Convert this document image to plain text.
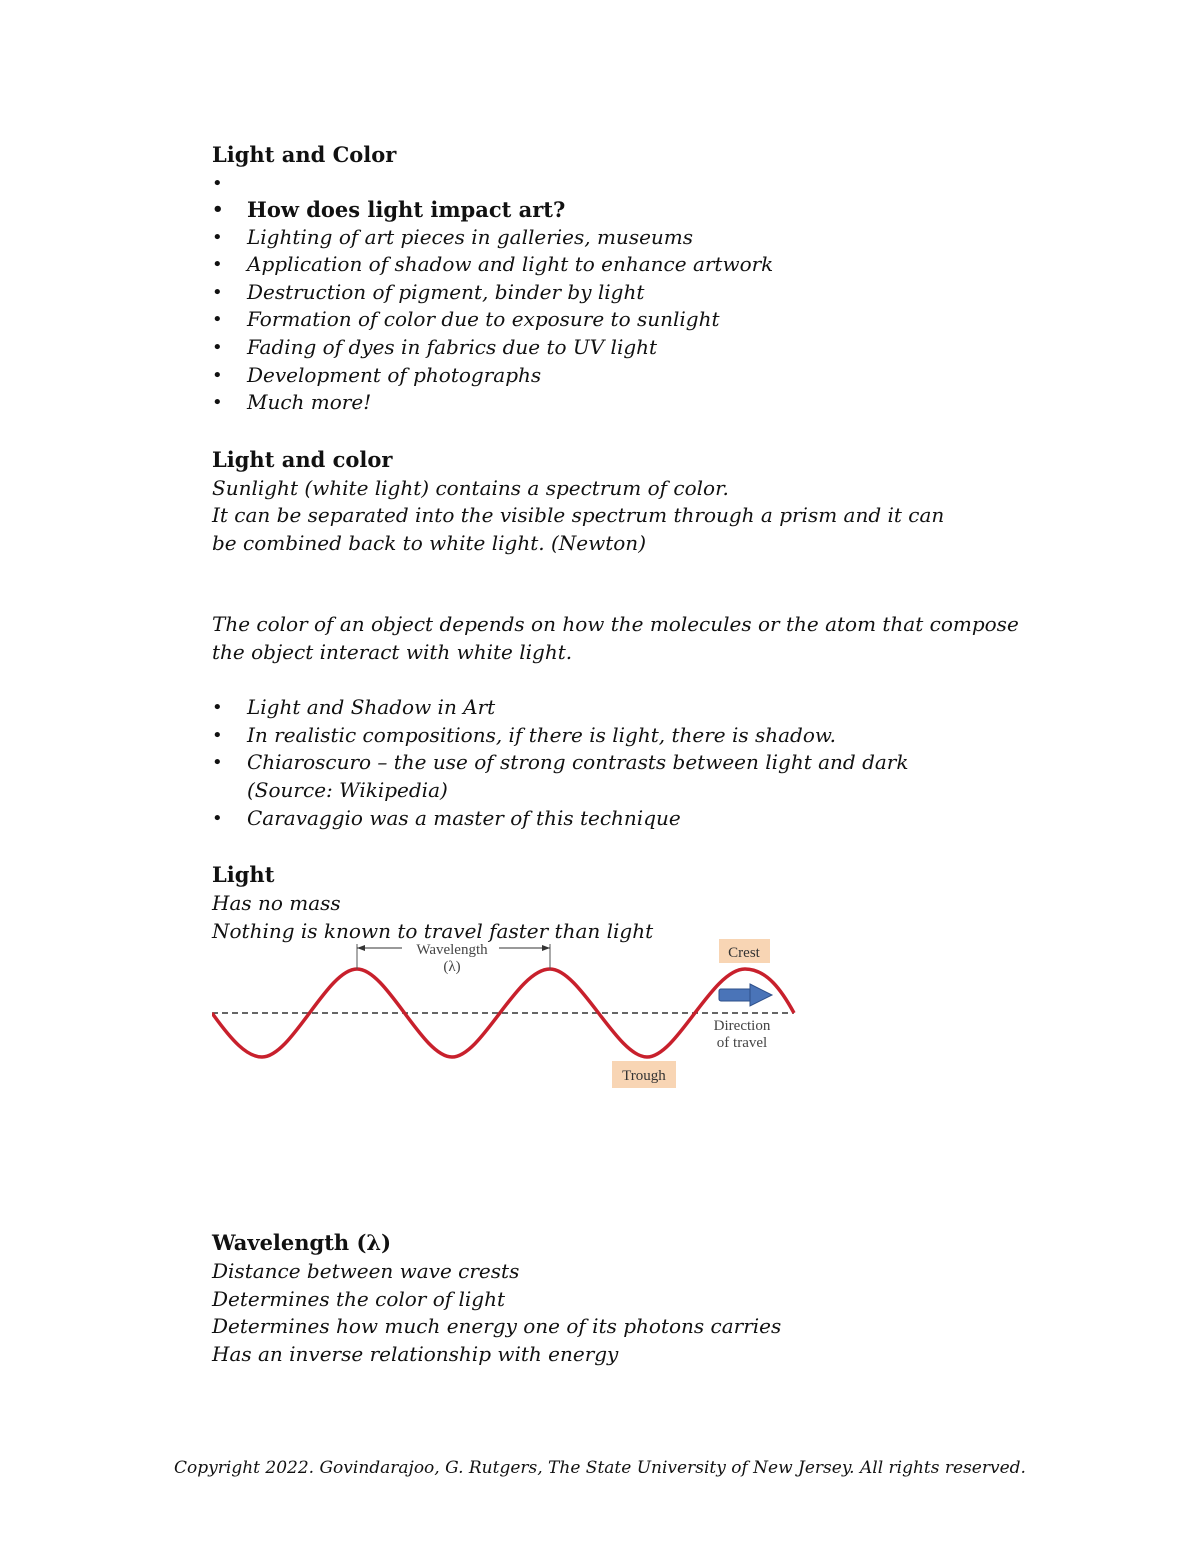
Light and Color

•
• How does light impact art?
• Lighting of art pieces in galleries, museums
• Application of shadow and light to enhance artwork
• Destruction of pigment, binder by light
• Formation of color due to exposure to sunlight
• Fading of dyes in fabrics due to UV light
• Development of photographs
• Much more!

Light and color

Sunlight (white light) contains a spectrum of color.

It can be separated into the visible spectrum through a prism and it can be combined back to white light. (Newton)

The color of an object depends on how the molecules or the atom that compose the object interact with white light.

• Light and Shadow in Art
• In realistic compositions, if there is light, there is shadow.
• Chiaroscuro – the use of strong contrasts between light and dark (Source: Wikipedia)
• Caravaggio was a master of this technique

Light

Has no mass

Nothing is known to travel faster than light

Wavelength
(λ)
Crest
Trough
Direction
of travel

Wavelength (λ)

Distance between wave crests

Determines the color of light

Determines how much energy one of its photons carries

Has an inverse relationship with energy

Copyright 2022. Govindarajoo, G. Rutgers, The State University of New Jersey. All rights reserved.
